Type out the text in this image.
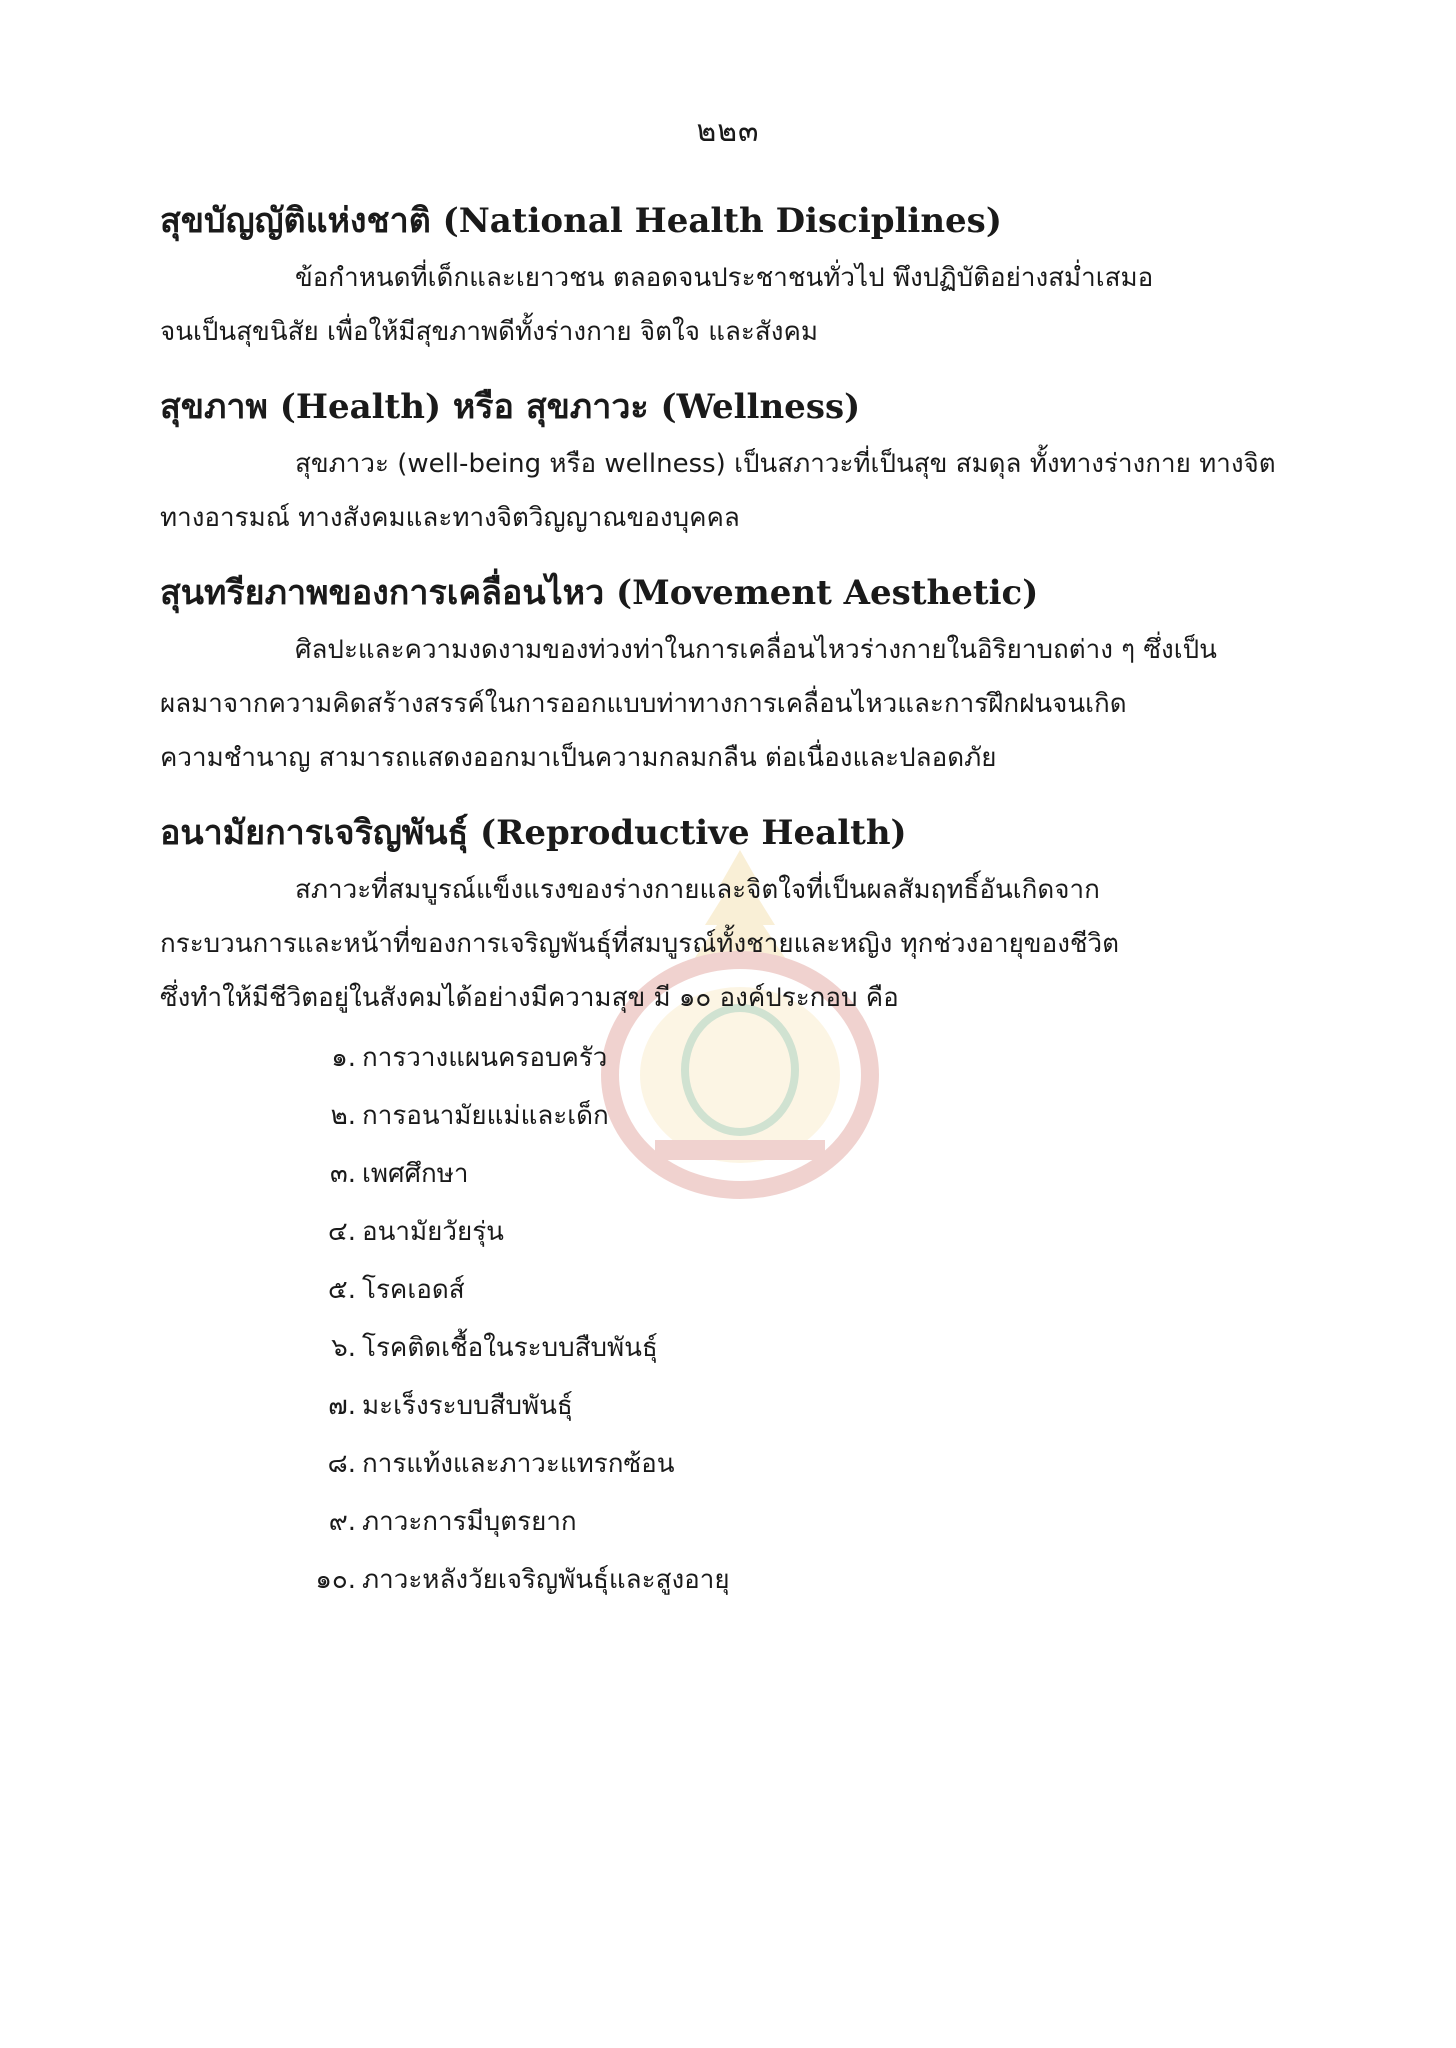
๒๒๓
สุขบัญญัติแห่งชาติ (National Health Disciplines)

ข้อกำหนดที่เด็กและเยาวชน ตลอดจนประชาชนทั่วไป พึงปฏิบัติอย่างสม่ำเสมอ
จนเป็นสุขนิสัย เพื่อให้มีสุขภาพดีทั้งร่างกาย จิตใจ และสังคม

สุขภาพ (Health) หรือ สุขภาวะ (Wellness)

สุขภาวะ (well-being หรือ wellness) เป็นสภาวะที่เป็นสุข สมดุล ทั้งทางร่างกาย ทางจิต
ทางอารมณ์ ทางสังคมและทางจิตวิญญาณของบุคคล

สุนทรียภาพของการเคลื่อนไหว (Movement Aesthetic)

ศิลปะและความงดงามของท่วงท่าในการเคลื่อนไหวร่างกายในอิริยาบถต่าง ๆ ซึ่งเป็น
ผลมาจากความคิดสร้างสรรค์ในการออกแบบท่าทางการเคลื่อนไหวและการฝึกฝนจนเกิด
ความชำนาญ สามารถแสดงออกมาเป็นความกลมกลืน ต่อเนื่องและปลอดภัย

อนามัยการเจริญพันธุ์ (Reproductive Health)

สภาวะที่สมบูรณ์แข็งแรงของร่างกายและจิตใจที่เป็นผลสัมฤทธิ์อันเกิดจาก
กระบวนการและหน้าที่ของการเจริญพันธุ์ที่สมบูรณ์ทั้งชายและหญิง ทุกช่วงอายุของชีวิต
ซึ่งทำให้มีชีวิตอยู่ในสังคมได้อย่างมีความสุข มี ๑๐ องค์ประกอบ คือ

๑. การวางแผนครอบครัว
๒. การอนามัยแม่และเด็ก
๓. เพศศึกษา
๔. อนามัยวัยรุ่น
๕. โรคเอดส์
๖. โรคติดเชื้อในระบบสืบพันธุ์
๗. มะเร็งระบบสืบพันธุ์
๘. การแท้งและภาวะแทรกซ้อน
๙. ภาวะการมีบุตรยาก
๑๐. ภาวะหลังวัยเจริญพันธุ์และสูงอายุ
